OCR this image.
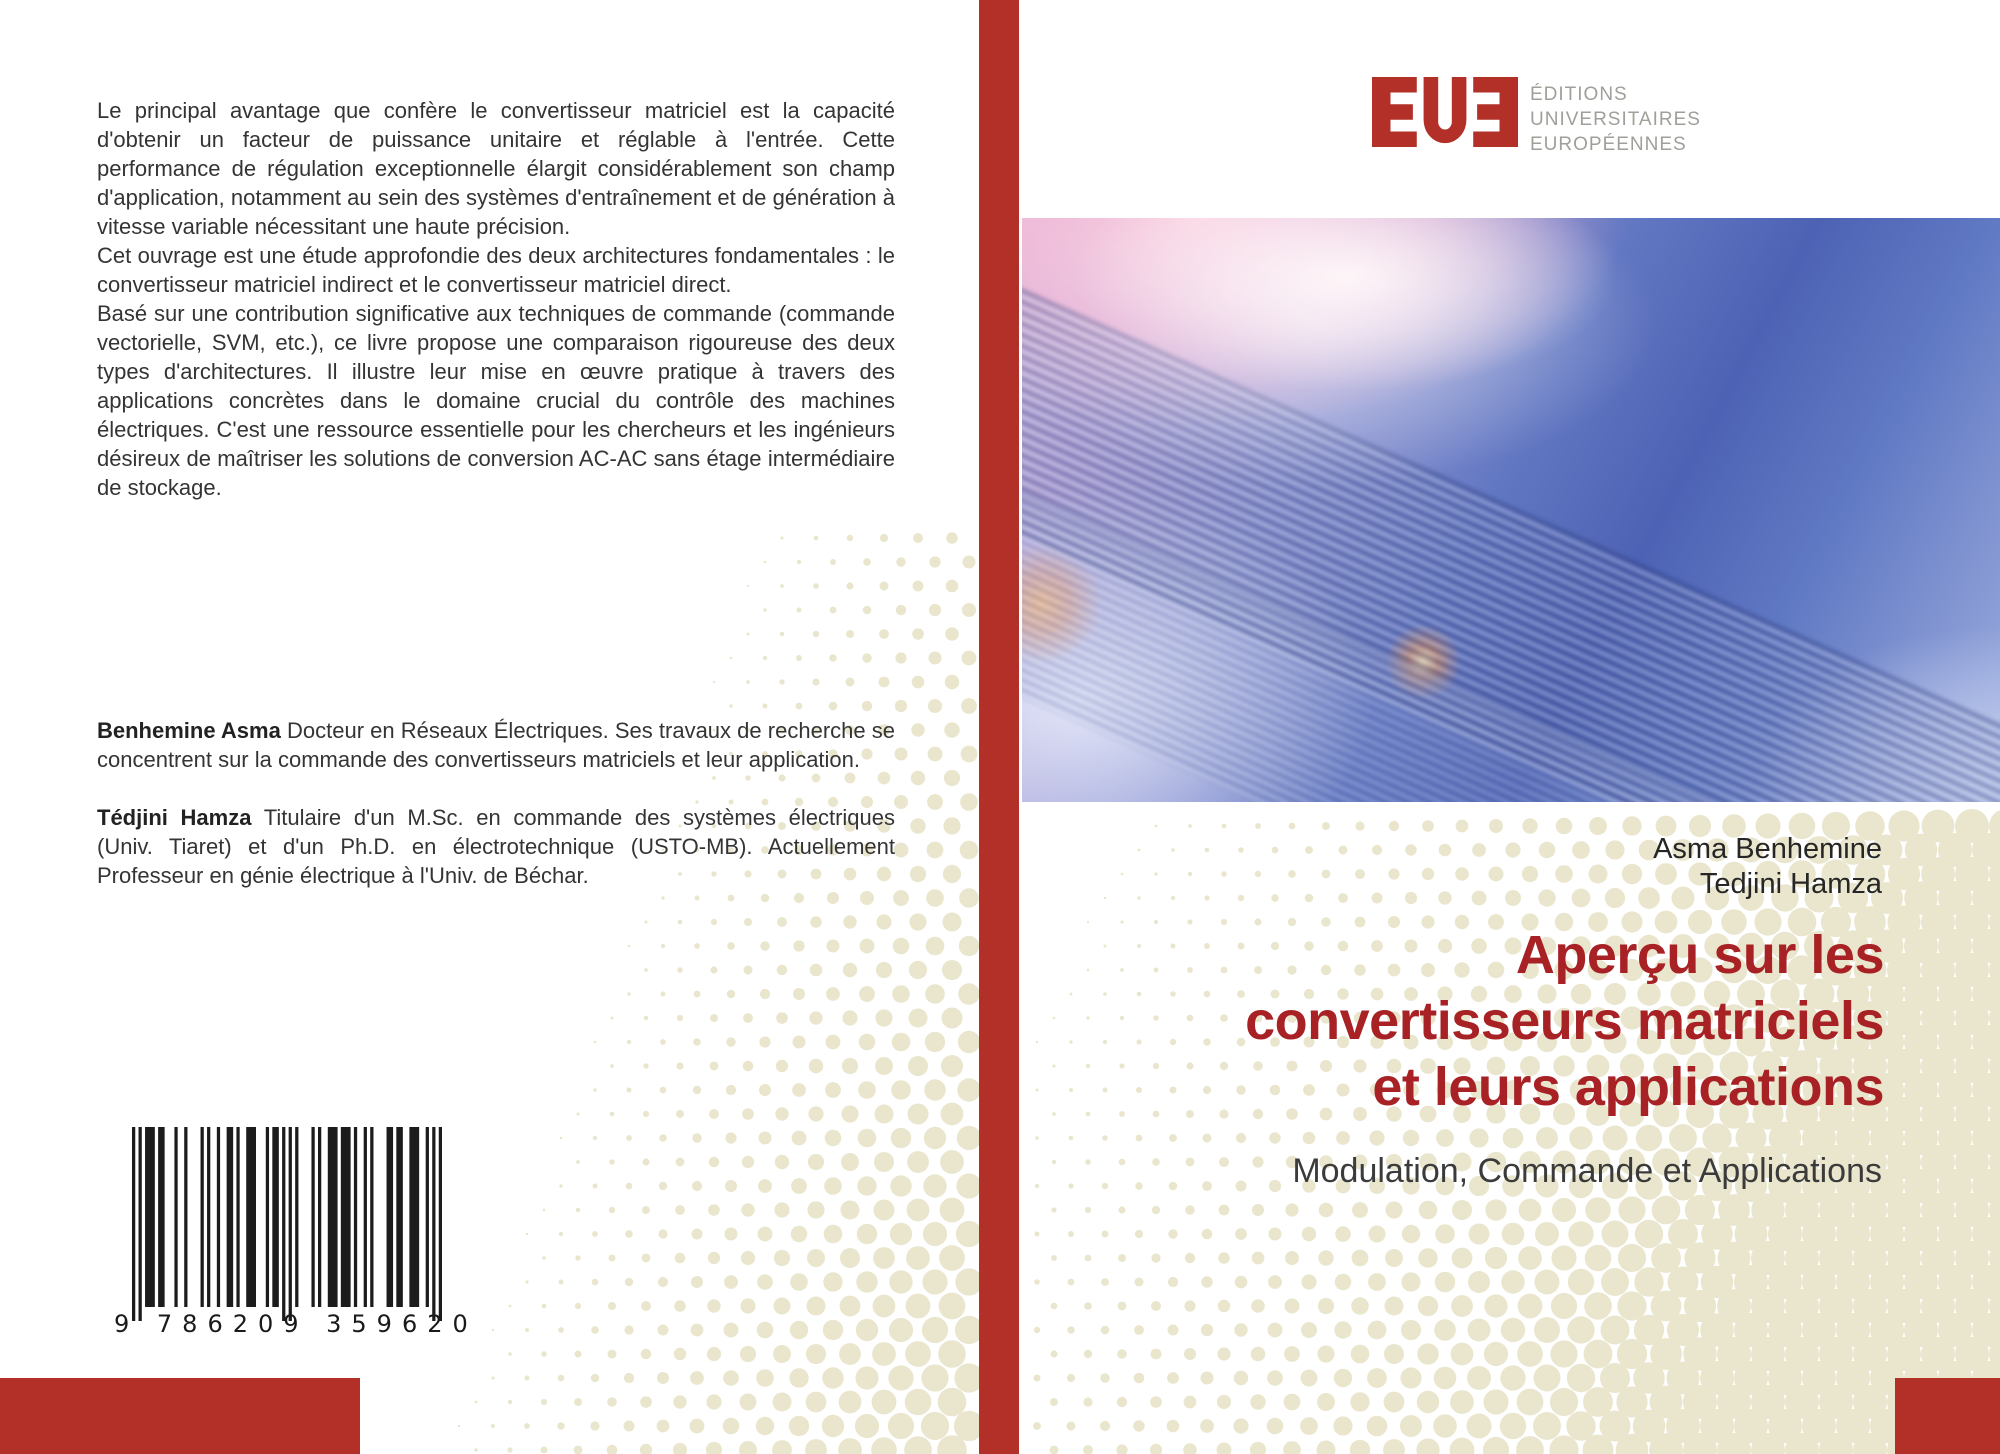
Le principal avantage que confère le convertisseur matriciel est la capacité d'obtenir un facteur de puissance unitaire et réglable à l'entrée. Cette performance de régulation exceptionnelle élargit considérablement son champ d'application, notamment au sein des systèmes d'entraînement et de génération à vitesse variable nécessitant une haute précision.

Cet ouvrage est une étude approfondie des deux architectures fondamentales : le convertisseur matriciel indirect et le convertisseur matriciel direct.

Basé sur une contribution significative aux techniques de commande (commande vectorielle, SVM, etc.), ce livre propose une comparaison rigoureuse des deux types d'architectures. Il illustre leur mise en œuvre pratique à travers des applications concrètes dans le domaine crucial du contrôle des machines électriques. C'est une ressource essentielle pour les chercheurs et les ingénieurs désireux de maîtriser les solutions de conversion AC-AC sans étage intermédiaire de stockage.

Benhemine Asma Docteur en Réseaux Électriques. Ses travaux de recherche se concentrent sur la commande des convertisseurs matriciels et leur application.

Tédjini Hamza Titulaire d'un M.Sc. en commande des systèmes électriques (Univ. Tiaret) et d'un Ph.D. en électrotechnique (USTO-MB). Actuellement Professeur en génie électrique à l'Univ. de Béchar.

9 786209 359620
ÉDITIONS
UNIVERSITAIRES
EUROPÉENNES
Asma Benhemine
Tedjini Hamza
Aperçu sur les
convertisseurs matriciels
et leurs applications
Modulation, Commande et Applications
